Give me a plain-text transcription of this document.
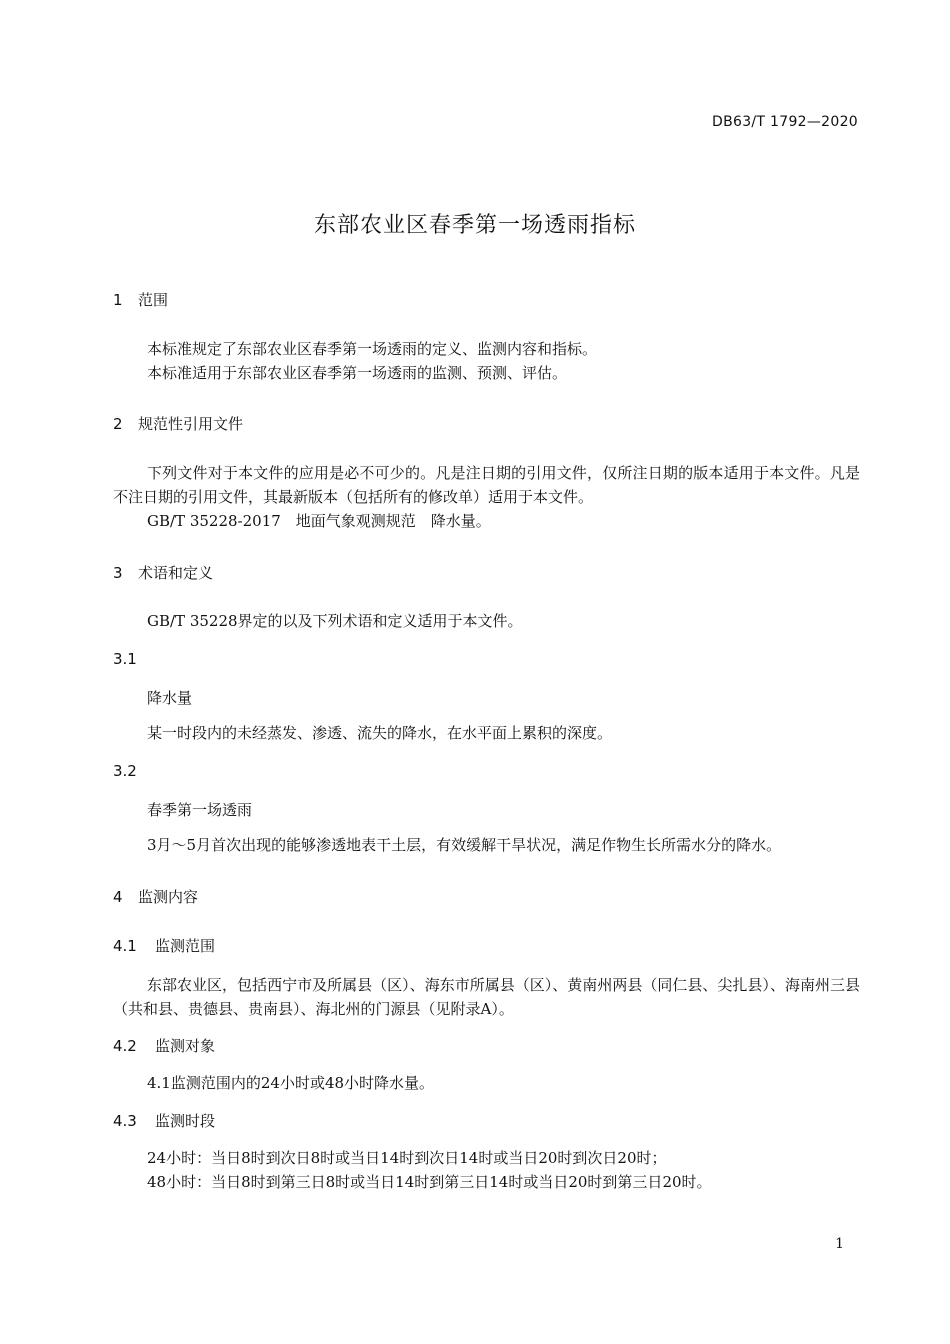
DB63/T 1792—2020
东部农业区春季第一场透雨指标
1 范围
本标准规定了东部农业区春季第一场透雨的定义、监测内容和指标。
本标准适用于东部农业区春季第一场透雨的监测、预测、评估。
2 规范性引用文件
下列文件对于本文件的应用是必不可少的。凡是注日期的引用文件，仅所注日期的版本适用于本文件。凡是不注日期的引用文件，其最新版本（包括所有的修改单）适用于本文件。
GB/T 35228-2017　地面气象观测规范　降水量。
3 术语和定义
GB/T 35228界定的以及下列术语和定义适用于本文件。
3.1
降水量
某一时段内的未经蒸发、渗透、流失的降水，在水平面上累积的深度。
3.2
春季第一场透雨
3月～5月首次出现的能够渗透地表干土层，有效缓解干旱状况，满足作物生长所需水分的降水。
4 监测内容
4.1 监测范围
东部农业区，包括西宁市及所属县（区）、海东市所属县（区）、黄南州两县（同仁县、尖扎县）、海南州三县（共和县、贵德县、贵南县）、海北州的门源县（见附录A）。
4.2 监测对象
4.1监测范围内的24小时或48小时降水量。
4.3 监测时段
24小时：当日8时到次日8时或当日14时到次日14时或当日20时到次日20时；
48小时：当日8时到第三日8时或当日14时到第三日14时或当日20时到第三日20时。
1
